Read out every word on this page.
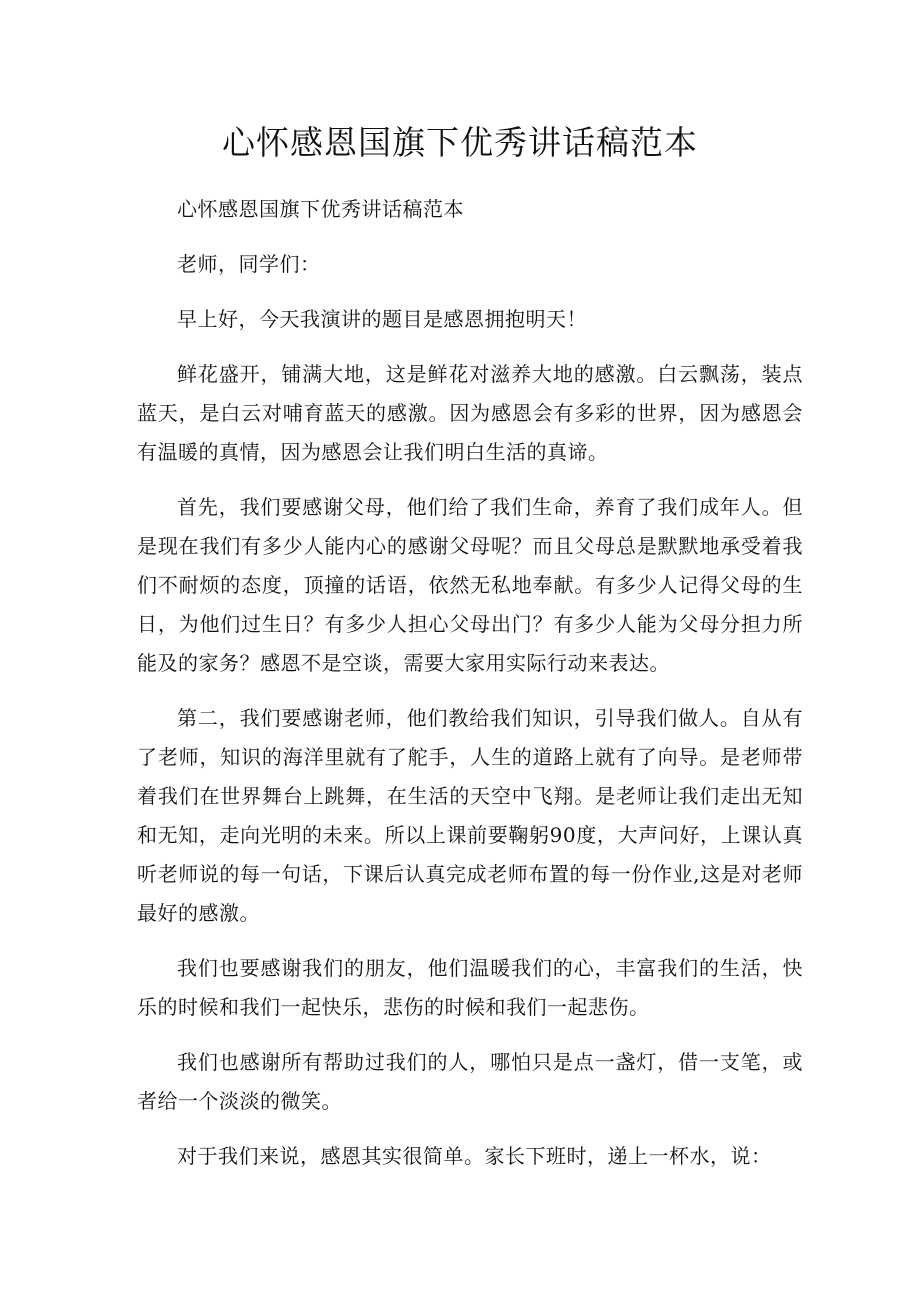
心怀感恩国旗下优秀讲话稿范本

心怀感恩国旗下优秀讲话稿范本

老师，同学们：

早上好，今天我演讲的题目是感恩拥抱明天！

鲜花盛开，铺满大地，这是鲜花对滋养大地的感激。白云飘荡，装点蓝天，是白云对哺育蓝天的感激。因为感恩会有多彩的世界，因为感恩会有温暖的真情，因为感恩会让我们明白生活的真谛。

首先，我们要感谢父母，他们给了我们生命，养育了我们成年人。但是现在我们有多少人能内心的感谢父母呢？而且父母总是默默地承受着我们不耐烦的态度，顶撞的话语，依然无私地奉献。有多少人记得父母的生日，为他们过生日？有多少人担心父母出门？有多少人能为父母分担力所能及的家务？感恩不是空谈，需要大家用实际行动来表达。

第二，我们要感谢老师，他们教给我们知识，引导我们做人。自从有了老师，知识的海洋里就有了舵手，人生的道路上就有了向导。是老师带着我们在世界舞台上跳舞，在生活的天空中飞翔。是老师让我们走出无知和无知，走向光明的未来。所以上课前要鞠躬90度，大声问好，上课认真听老师说的每一句话，下课后认真完成老师布置的每一份作业,这是对老师最好的感激。

我们也要感谢我们的朋友，他们温暖我们的心，丰富我们的生活，快乐的时候和我们一起快乐，悲伤的时候和我们一起悲伤。

我们也感谢所有帮助过我们的人，哪怕只是点一盏灯，借一支笔，或者给一个淡淡的微笑。

对于我们来说，感恩其实很简单。家长下班时，递上一杯水，说：
